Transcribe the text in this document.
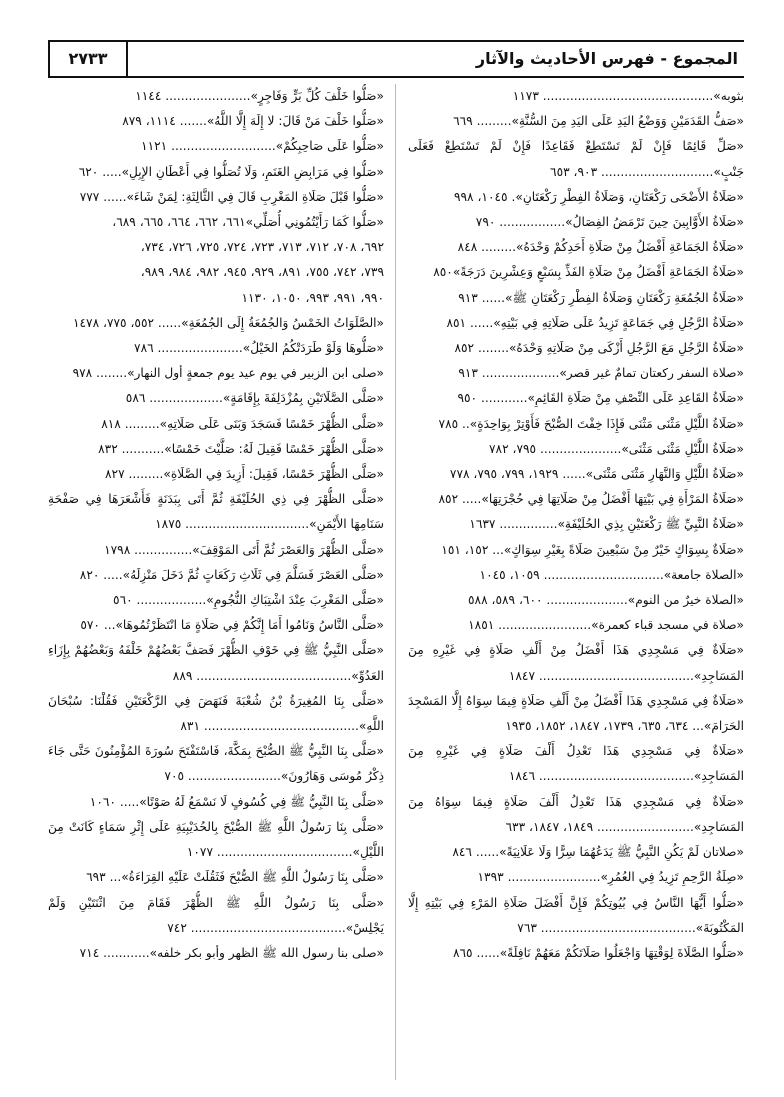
المجموع - فهرس الأحاديث والآثار
٢٧٣٣
بثوبه»............................................ ١١٧٣
«صَفُّ القَدَمَيْنِ وَوَضْعُ اليَدِ عَلَى اليَدِ مِنَ السُّنَّةِ»......... ٦٦٩
«صَلِّ قَائِمًا فَإِنْ لَمْ تَسْتَطِعْ فَقَاعِدًا فَإِنْ لَمْ تَسْتَطِعْ فَعَلَى جَنْبٍ»............................. ٩٠٣، ٦٥٣
«صَلَاةُ الأَضْحَى رَكْعَتَانِ، وَصَلَاةُ الفِطْرِ رَكْعَتَانِ». ١٠٤٥، ٩٩٨
«صَلَاةُ الأَوَّابِينَ حِينَ تَرْمَضُ الفِصَالُ»................. ٧٩٠
«صَلَاةُ الجَمَاعَةِ أَفْضَلُ مِنْ صَلَاةِ أَحَدِكُمْ وَحْدَهُ»......... ٨٤٨
«صَلَاةُ الجَمَاعَةِ أَفْضَلُ مِنْ صَلَاةِ الفَذِّ بِسَبْعٍ وَعِشْرِينَ دَرَجَةً»٨٥٠
«صَلَاةُ الجُمُعَةِ رَكْعَتَانِ وَصَلَاةُ الفِطْرِ رَكْعَتَانِ ﷺ»...... ٩١٣
«صَلَاةُ الرَّجُلِ فِي جَمَاعَةٍ تَزِيدُ عَلَى صَلَاتِهِ فِي بَيْتِهِ»...... ٨٥١
«صَلَاةُ الرَّجُلِ مَعَ الرَّجُلِ أَزْكَى مِنْ صَلَاتِهِ وَحْدَهُ»........ ٨٥٢
«صلاة السفر ركعتان تمامٌ غير قصر».................... ٩١٣
«صَلَاةُ القَاعِدِ عَلَى النِّصْفِ مِنْ صَلَاةِ القَائِمِ»............ ٩٥٠
«صَلَاةُ اللَّيْلِ مَثْنَى مَثْنَى فَإِذَا خِفْتَ الصُّبْحَ فَأَوْتِرْ بِوَاحِدَةٍ».. ٧٨٥
«صَلَاةُ اللَّيْلِ مَثْنَى مَثْنَى»..................... ٧٩٥، ٧٨٢
«صَلَاةُ اللَّيْلِ وَالنَّهَارِ مَثْنَى مَثْنَى»...... ١٩٢٩، ٧٩٩، ٧٩٥، ٧٧٨
«صَلَاةُ المَرْأَةِ فِي بَيْتِهَا أَفْضَلُ مِنْ صَلَاتِهَا فِي حُجْرَتِهَا»..... ٨٥٢
«صَلَاةُ النَّبِيِّ ﷺ رَكْعَتَيْنِ بِذِي الحُلَيْفَةِ»............... ١٦٣٧
«صَلَاةٌ بِسِوَاكٍ خَيْرٌ مِنْ سَبْعِينَ صَلَاةً بِغَيْرِ سِوَاكٍ»... ١٥٢، ١٥١
«الصلاة جامعة»............................... ١٠٥٩، ١٠٤٥
«الصلاة خيرٌ من النوم»..................... ٦٠٠، ٥٨٩، ٥٨٨
«صلاة في مسجد قباء كعمرة»........................ ١٨٥١
«صَلَاةٌ فِي مَسْجِدِي هَذَا أَفْضَلُ مِنْ أَلْفِ صَلَاةٍ فِي غَيْرِهِ مِنَ المَسَاجِدِ»........................................ ١٨٤٧
«صَلَاةٌ فِي مَسْجِدِي هَذَا أَفْضَلُ مِنْ أَلْفِ صَلَاةٍ فِيمَا سِوَاهُ إِلَّا المَسْجِدَ الحَرَامَ»... ٦٣٤، ٦٣٥، ١٧٣٩، ١٨٤٧، ١٨٥٢، ١٩٣٥
«صَلَاةٌ فِي مَسْجِدِي هَذَا تَعْدِلُ أَلْفَ صَلَاةٍ فِي غَيْرِهِ مِنَ المَسَاجِدِ»........................................ ١٨٤٦
«صَلَاةٌ فِي مَسْجِدِي هَذَا تَعْدِلُ أَلْفَ صَلَاةٍ فِيمَا سِوَاهُ مِنَ المَسَاجِدِ»......................... ١٨٤٩، ١٨٤٧، ٦٣٣
«صلاتان لَمْ يَكُنِ النَّبِيُّ ﷺ يَدَعُهُمَا سِرًّا وَلَا عَلَانِيَةً»...... ٨٤٦
«صِلَةُ الرَّحِمِ تَزِيدُ فِي العُمُرِ»........................ ١٣٩٣
«صَلُّوا أَيُّهَا النَّاسُ فِي بُيُوتِكُمْ فَإِنَّ أَفْضَلَ صَلَاةِ المَرْءِ فِي بَيْتِهِ إِلَّا المَكْتُوبَةَ»........................................ ٧٦٣
«صَلُّوا الصَّلَاةَ لِوَقْتِهَا وَاجْعَلُوا صَلَاتَكُمْ مَعَهُمْ نَافِلَةً»...... ٨٦٥
«صَلُّوا خَلْفَ كُلِّ بَرٍّ وَفَاجِرٍ»...................... ١١٤٤
«صَلُّوا خَلْفَ مَنْ قَالَ: لا إِلَهَ إِلَّا اللَّهُ»....... ١١١٤، ٨٧٩
«صَلُّوا عَلَى صَاحِبِكُمْ»........................... ١١٢١
«صَلُّوا فِي مَرَابِضِ الغَنَمِ، وَلَا تُصَلُّوا فِي أَعْطَانِ الإِبِلِ»..... ٦٢٠
«صَلُّوا قَبْلَ صَلَاةِ المَغْرِبِ قَالَ فِي الثَّالِثَةِ: لِمَنْ شَاءَ»...... ٧٧٧
«صَلُّوا كَمَا رَأَيْتُمُونِي أُصَلِّي»٦٦١، ٦٦٢، ٦٦٤، ٦٦٥، ٦٨٩،
٦٩٢، ٧٠٨، ٧١٢، ٧١٣، ٧٢٣، ٧٢٤، ٧٢٥، ٧٢٦، ٧٣٤،
٧٣٩، ٧٤٢، ٧٥٥، ٨٩١، ٩٢٩، ٩٤٥، ٩٨٢، ٩٨٤، ٩٨٩،
٩٩٠، ٩٩١، ٩٩٣، ١٠٥٠، ١١٣٠
«الصَّلَوَاتُ الخَمْسُ وَالجُمُعَةُ إِلَى الجُمُعَةِ»...... ٥٥٢، ٧٧٥، ١٤٧٨
«صَلُّوهَا وَلَوْ طَرَدَتْكُمُ الخَيْلُ»...................... ٧٨٦
«صلى ابن الزبير في يوم عيد يوم جمعةٍ أول النهار»........ ٩٧٨
«صَلَّى الصَّلَاتَيْنِ بِمُزْدَلِفَةَ بِإِقَامَةٍ»................... ٥٨٦
«صَلَّى الظُّهْرَ خَمْسًا فَسَجَدَ وَبَنَى عَلَى صَلَاتِهِ»......... ٨١٨
«صَلَّى الظُّهْرَ خَمْسًا فَقِيلَ لَهُ: صَلَّيْتَ خَمْسًا»........... ٨٣٢
«صَلَّى الظُّهْرَ خَمْسًا، فَقِيلَ: أَزِيدَ فِي الصَّلَاةِ»......... ٨٢٧
«صَلَّى الظُّهْرَ فِي ذِي الحُلَيْفَةِ ثُمَّ أَتَى بِبَدَنَةٍ فَأَشْعَرَهَا فِي صَفْحَةِ سَنَامِهَا الأَيْمَنِ»................................ ١٨٧٥
«صَلَّى الظُّهْرَ وَالعَصْرَ ثُمَّ أَتَى المَوْقِفَ»............... ١٧٩٨
«صَلَّى العَصْرَ فَسَلَّمَ فِي ثَلَاثِ رَكَعَاتٍ ثُمَّ دَخَلَ مَنْزِلَهُ»..... ٨٢٠
«صَلَّى المَغْرِبَ عِنْدَ اشْتِبَاكِ النُّجُومِ».................. ٥٦٠
«صَلَّى النَّاسُ وَنَامُوا أَمَا إِنَّكُمْ فِي صَلَاةٍ مَا انْتَظَرْتُمُوهَا»... ٥٧٠
«صَلَّى النَّبِيُّ ﷺ فِي خَوْفِ الظُّهْرَ فَصَفَّ بَعْضُهُمْ خَلْفَهُ وَبَعْضُهُمْ بِإِزَاءِ العَدُوِّ»........................................ ٨٨٩
«صَلَّى بِنَا المُغِيرَةُ بْنُ شُعْبَةَ فَنَهَضَ فِي الرَّكْعَتَيْنِ فَقُلْنَا: سُبْحَانَ اللَّهِ»........................................ ٨٣١
«صَلَّى بِنَا النَّبِيُّ ﷺ الصُّبْحَ بِمَكَّةَ، فَاسْتَفْتَحَ سُورَةَ المُؤْمِنُونَ حَتَّى جَاءَ ذِكْرُ مُوسَى وَهَارُونَ»........................ ٧٠٥
«صَلَّى بِنَا النَّبِيُّ ﷺ فِي كُسُوفٍ لَا نَسْمَعُ لَهُ صَوْتًا»..... ١٠٦٠
«صَلَّى بِنَا رَسُولُ اللَّهِ ﷺ الصُّبْحَ بِالحُدَيْبِيَةِ عَلَى إِثْرِ سَمَاءٍ كَانَتْ مِنَ اللَّيْلِ»................................... ١٠٧٧
«صَلَّى بِنَا رَسُولُ اللَّهِ ﷺ الصُّبْحَ فَثَقُلَتْ عَلَيْهِ القِرَاءَةُ»... ٦٩٣
«صَلَّى بِنَا رَسُولُ اللَّهِ ﷺ الظُّهْرَ فَقَامَ مِنَ اثْنَتَيْنِ وَلَمْ يَجْلِسْ»........................................ ٧٤٢
«صلى بنا رسول الله ﷺ الظهر وأبو بكر خلفه»............ ٧١٤
